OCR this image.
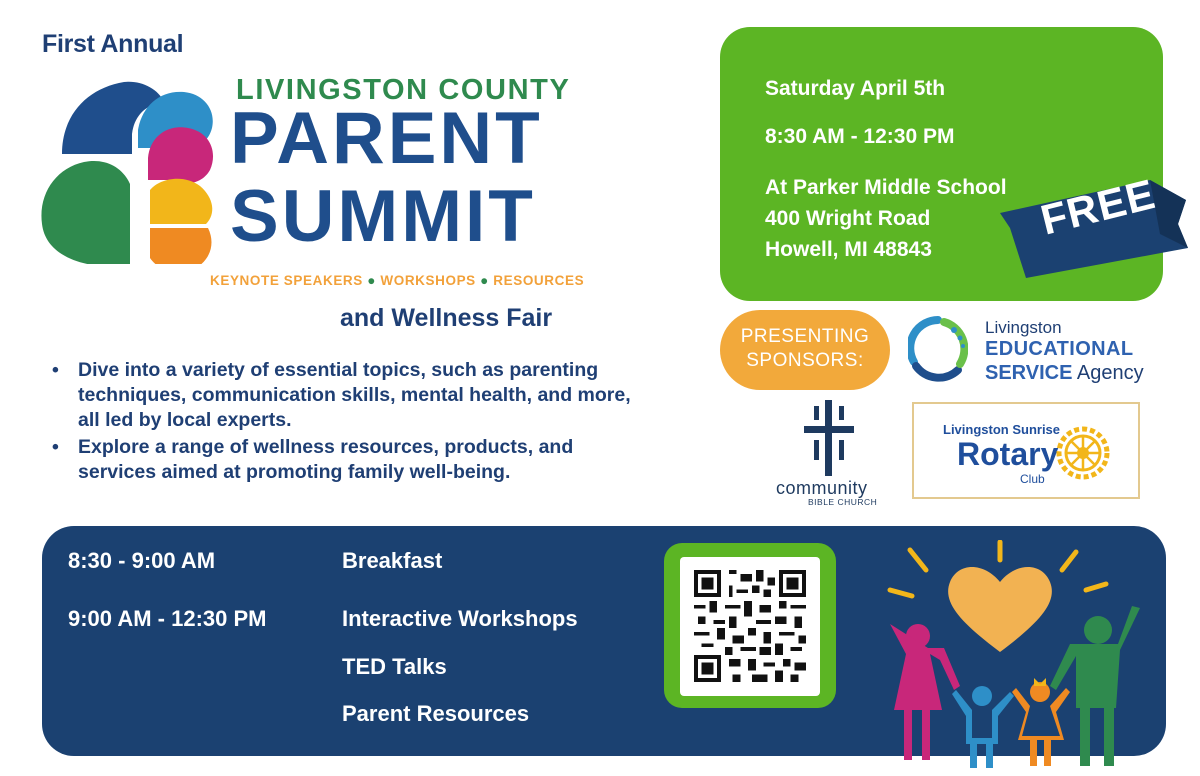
First Annual
LIVINGSTON COUNTY
PARENT
SUMMIT
KEYNOTE SPEAKERS ● WORKSHOPS ● RESOURCES
and Wellness Fair
• Dive into a variety of essential topics, such as parenting techniques, communication skills, mental health, and more, all led by local experts.
• Explore a range of wellness resources, products, and services aimed at promoting family well-being.
Saturday April 5th
8:30 AM - 12:30 PM
At Parker Middle School
400 Wright Road
Howell, MI 48843
FREE
PRESENTING
SPONSORS:
Livingston
EDUCATIONAL
SERVICE Agency
community
BIBLE CHURCH
Livingston Sunrise
Rotary
Club
8:30 - 9:00 AM	Breakfast
9:00 AM - 12:30 PM	Interactive Workshops
TED Talks
Parent Resources
